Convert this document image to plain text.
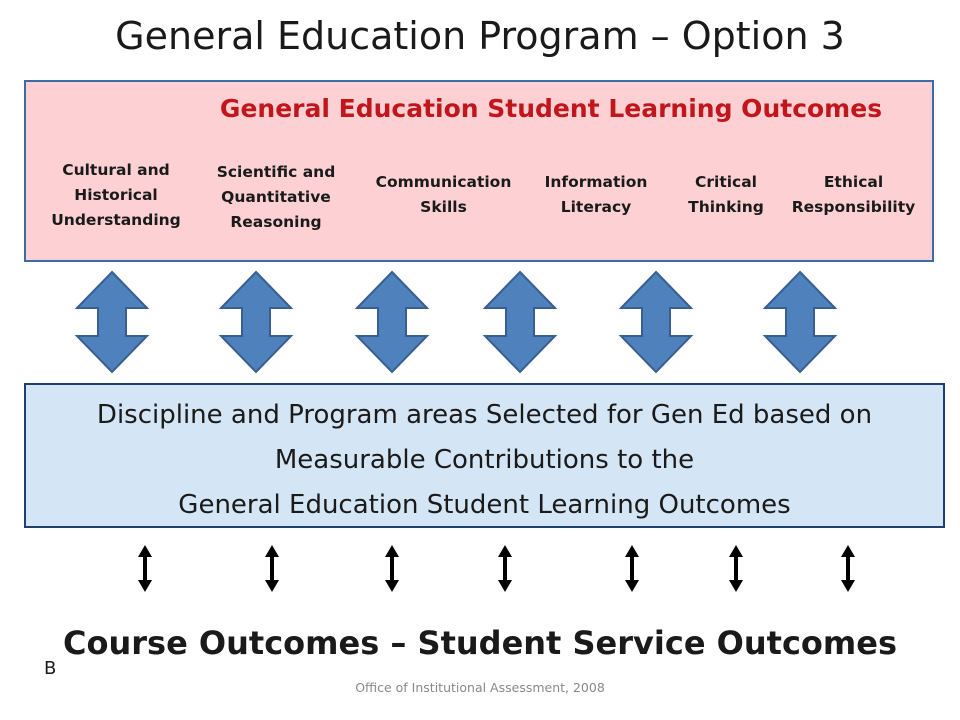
General Education Program – Option 3
General Education Student Learning Outcomes
Cultural and
Historical
Understanding
Scientific and
Quantitative
Reasoning
Communication
Skills
Information
Literacy
Critical
Thinking
Ethical
Responsibility
Discipline and Program areas Selected for Gen Ed based on
Measurable Contributions to the
General Education Student Learning Outcomes
Course Outcomes – Student Service Outcomes
B
Office of Institutional Assessment, 2008
